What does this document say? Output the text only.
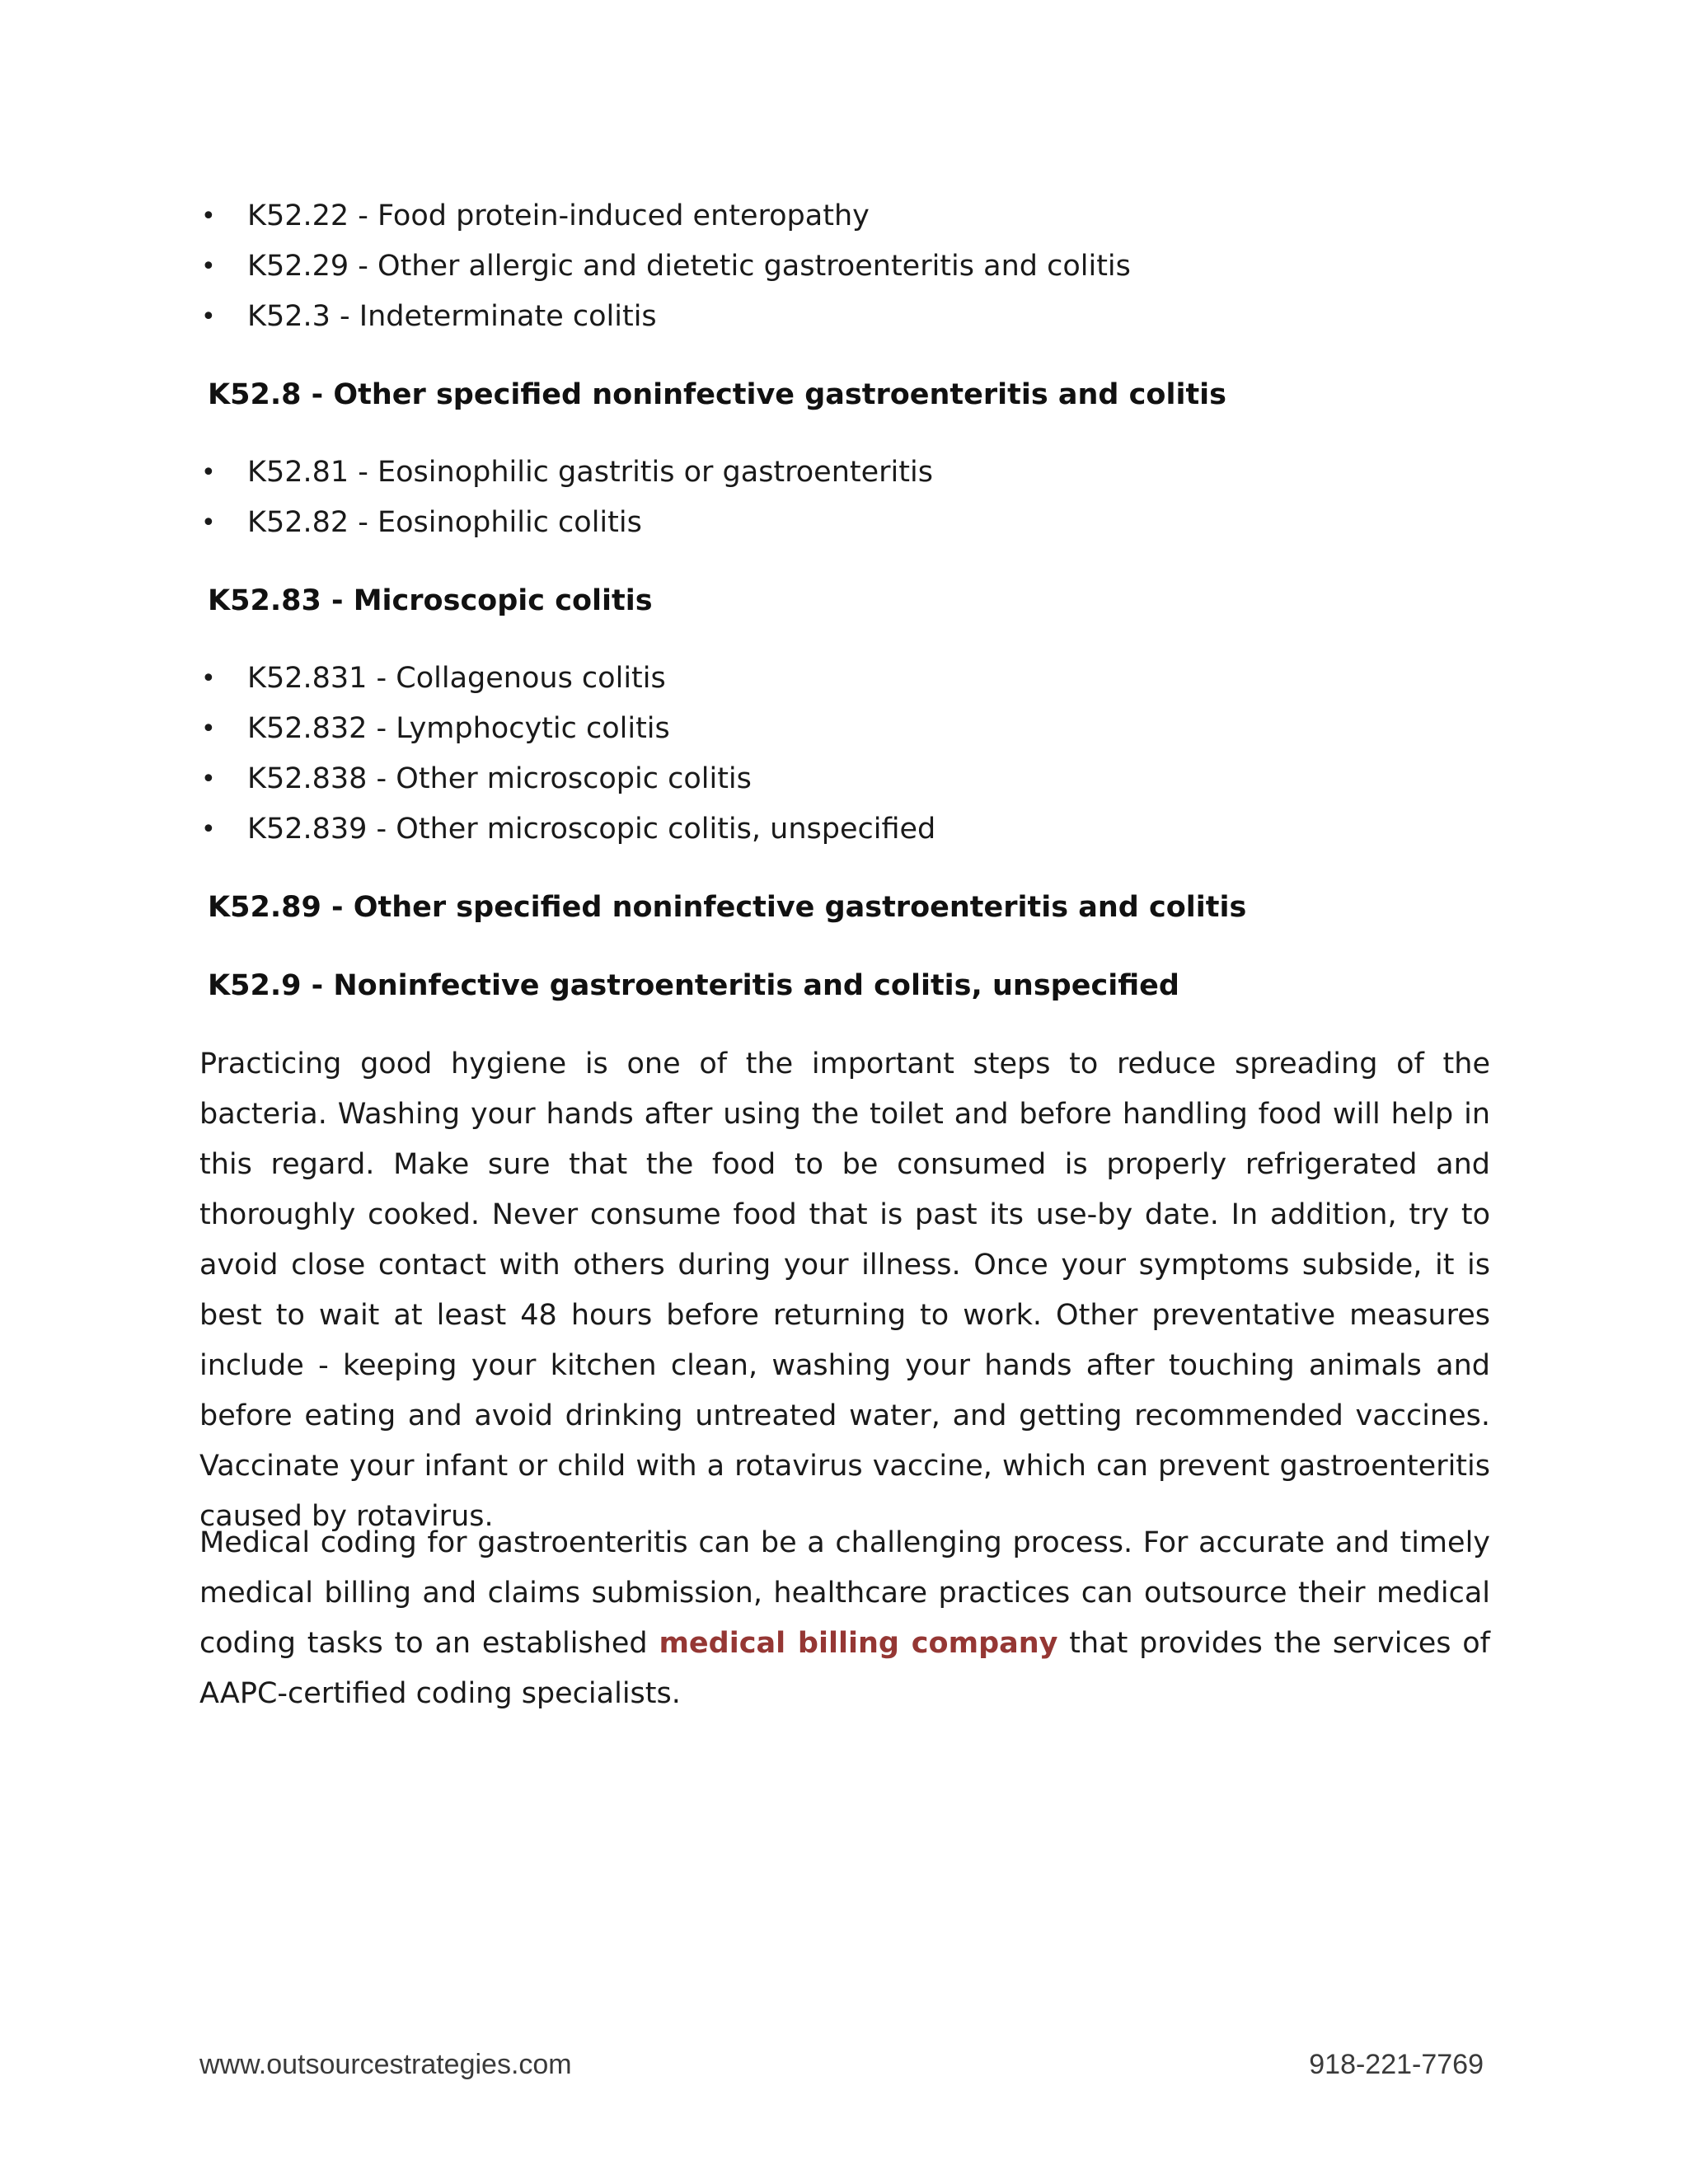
• K52.22 - Food protein-induced enteropathy
• K52.29 - Other allergic and dietetic gastroenteritis and colitis
• K52.3 - Indeterminate colitis
K52.8 - Other specified noninfective gastroenteritis and colitis
• K52.81 - Eosinophilic gastritis or gastroenteritis
• K52.82 - Eosinophilic colitis
K52.83 - Microscopic colitis
• K52.831 - Collagenous colitis
• K52.832 - Lymphocytic colitis
• K52.838 - Other microscopic colitis
• K52.839 - Other microscopic colitis, unspecified
K52.89 - Other specified noninfective gastroenteritis and colitis
K52.9 - Noninfective gastroenteritis and colitis, unspecified

Practicing good hygiene is one of the important steps to reduce spreading of the bacteria. Washing your hands after using the toilet and before handling food will help in this regard. Make sure that the food to be consumed is properly refrigerated and thoroughly cooked. Never consume food that is past its use-by date. In addition, try to avoid close contact with others during your illness. Once your symptoms subside, it is best to wait at least 48 hours before returning to work. Other preventative measures include - keeping your kitchen clean, washing your hands after touching animals and before eating and avoid drinking untreated water, and getting recommended vaccines. Vaccinate your infant or child with a rotavirus vaccine, which can prevent gastroenteritis caused by rotavirus.

Medical coding for gastroenteritis can be a challenging process. For accurate and timely medical billing and claims submission, healthcare practices can outsource their medical coding tasks to an established medical billing company that provides the services of AAPC-certified coding specialists.

www.outsourcestrategies.com	918-221-7769
